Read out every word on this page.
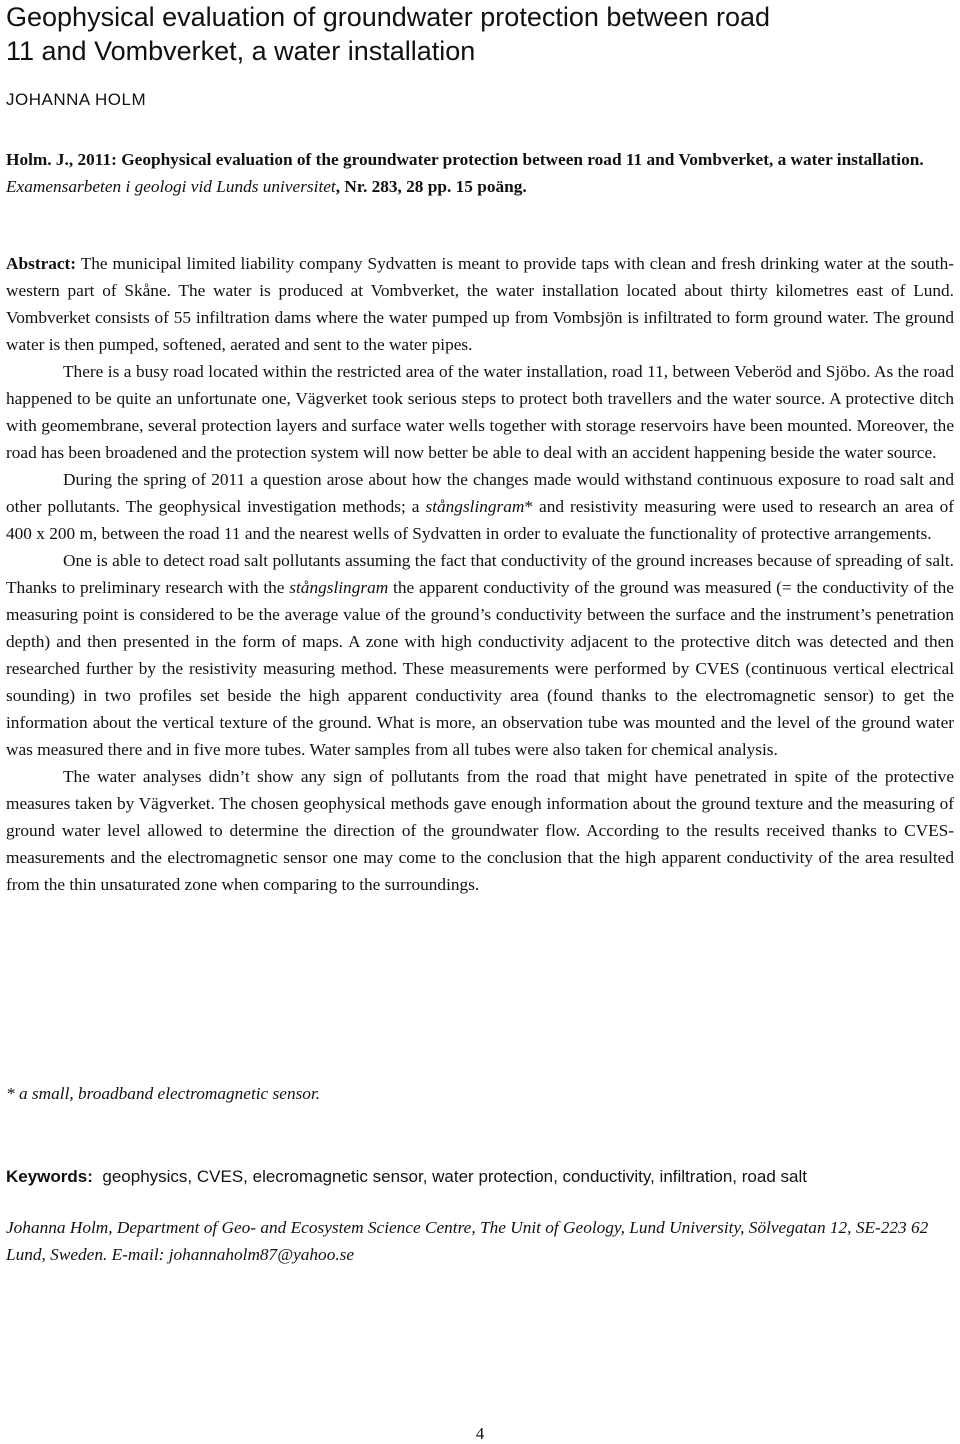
Geophysical evaluation of groundwater protection between road
11 and Vombverket, a water installation
JOHANNA HOLM

Holm. J., 2011: Geophysical evaluation of the groundwater protection between road 11 and Vombverket, a water installation. Examensarbeten i geologi vid Lunds universitet, Nr. 283, 28 pp. 15 poäng.

Abstract: The municipal limited liability company Sydvatten is meant to provide taps with clean and fresh drinking water at the south-western part of Skåne. The water is produced at Vombverket, the water installation located about thirty kilometres east of Lund. Vombverket consists of 55 infiltration dams where the water pumped up from Vombsjön is infiltrated to form ground water. The ground water is then pumped, softened, aerated and sent to the water pipes.

There is a busy road located within the restricted area of the water installation, road 11, between Veberöd and Sjöbo. As the road happened to be quite an unfortunate one, Vägverket took serious steps to protect both travellers and the water source. A protective ditch with geomembrane, several protection layers and surface water wells together with storage reservoirs have been mounted. Moreover, the road has been broadened and the protection system will now better be able to deal with an accident happening beside the water source.

During the spring of 2011 a question arose about how the changes made would withstand continuous exposure to road salt and other pollutants. The geophysical investigation methods; a stångslingram* and resistivity measuring were used to research an area of 400 x 200 m, between the road 11 and the nearest wells of Sydvatten in order to evaluate the functionality of protective arrangements.

One is able to detect road salt pollutants assuming the fact that conductivity of the ground increases because of spreading of salt. Thanks to preliminary research with the stångslingram the apparent conductivity of the ground was measured (= the conductivity of the measuring point is considered to be the average value of the ground’s conductivity between the surface and the instrument’s penetration depth) and then presented in the form of maps. A zone with high conductivity adjacent to the protective ditch was detected and then researched further by the resistivity measuring method. These measurements were performed by CVES (continuous vertical electrical sounding) in two profiles set beside the high apparent conductivity area (found thanks to the electromagnetic sensor) to get the information about the vertical texture of the ground. What is more, an observation tube was mounted and the level of the ground water was measured there and in five more tubes. Water samples from all tubes were also taken for chemical analysis.

The water analyses didn’t show any sign of pollutants from the road that might have penetrated in spite of the protective measures taken by Vägverket. The chosen geophysical methods gave enough information about the ground texture and the measuring of ground water level allowed to determine the direction of the groundwater flow. According to the results received thanks to CVES-measurements and the electromagnetic sensor one may come to the conclusion that the high apparent conductivity of the area resulted from the thin unsaturated zone when comparing to the surroundings.

* a small, broadband electromagnetic sensor.

Keywords: geophysics, CVES, elecromagnetic sensor, water protection, conductivity, infiltration, road salt

Johanna Holm, Department of Geo- and Ecosystem Science Centre, The Unit of Geology, Lund University, Sölvegatan 12, SE-223 62 Lund, Sweden. E-mail: johannaholm87@yahoo.se

4
